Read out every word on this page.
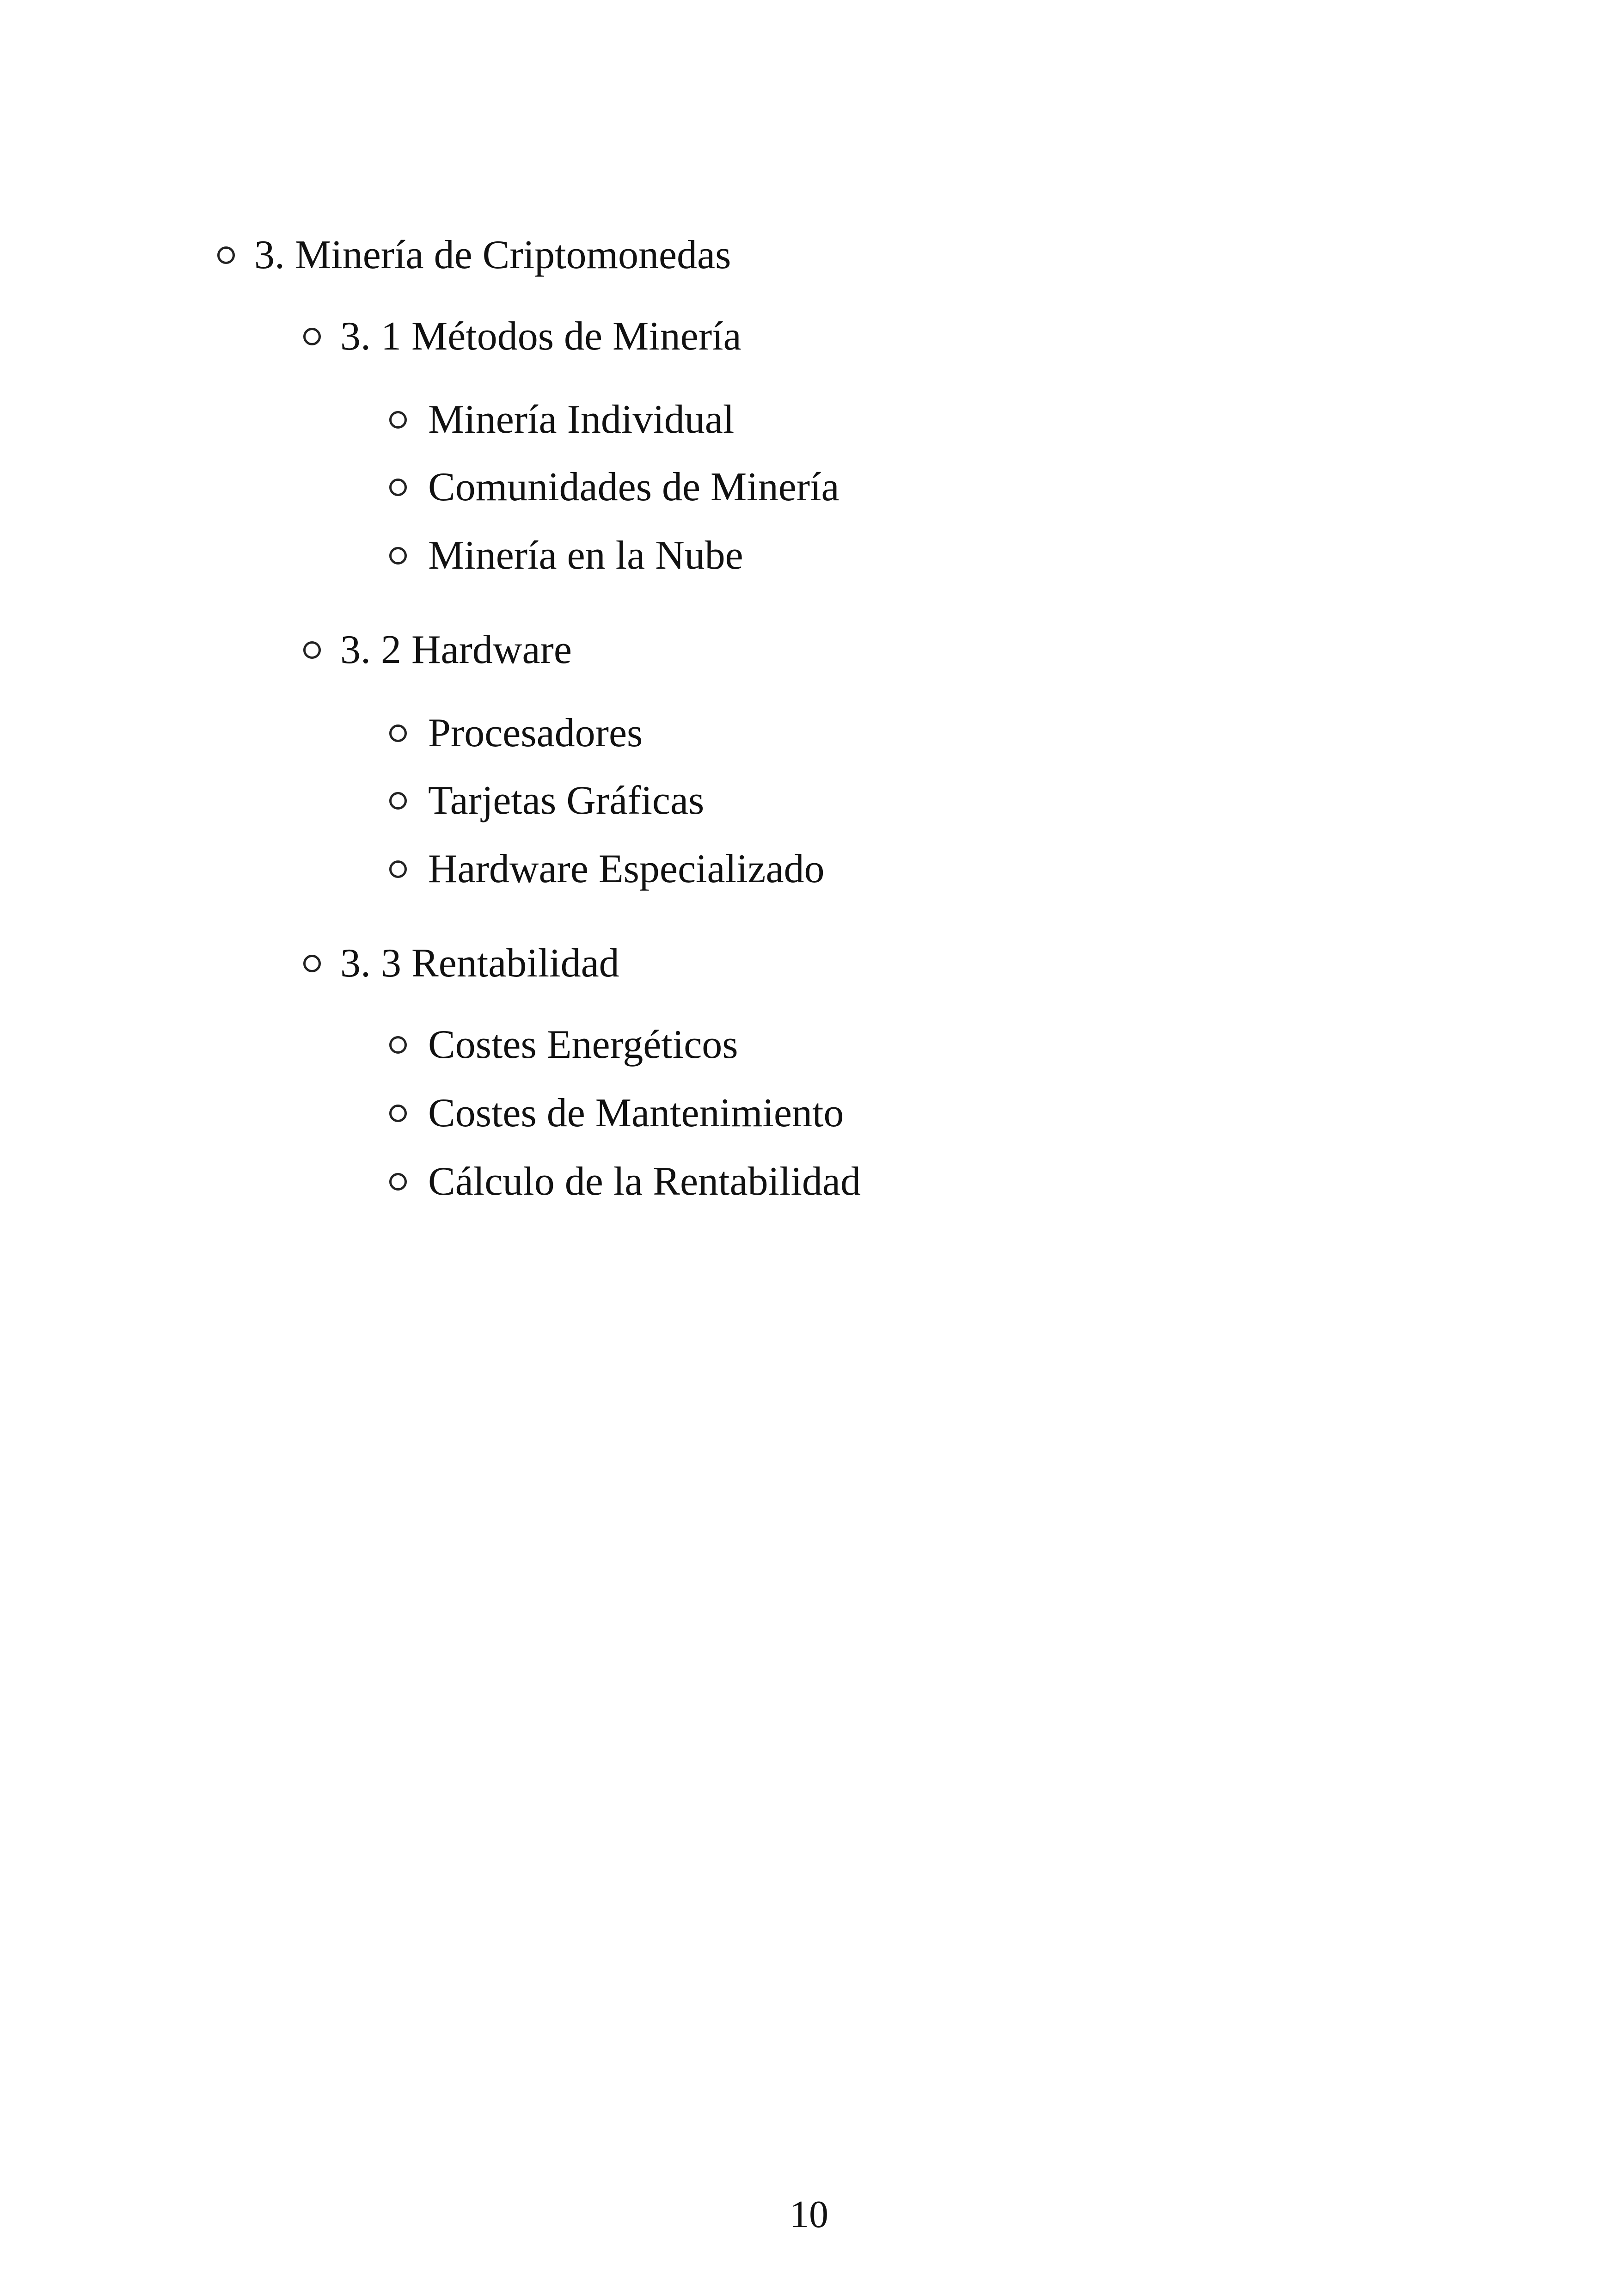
3. Minería de Criptomonedas
3. 1 Métodos de Minería
Minería Individual
Comunidades de Minería
Minería en la Nube
3. 2 Hardware
Procesadores
Tarjetas Gráficas
Hardware Especializado
3. 3 Rentabilidad
Costes Energéticos
Costes de Mantenimiento
Cálculo de la Rentabilidad
10
